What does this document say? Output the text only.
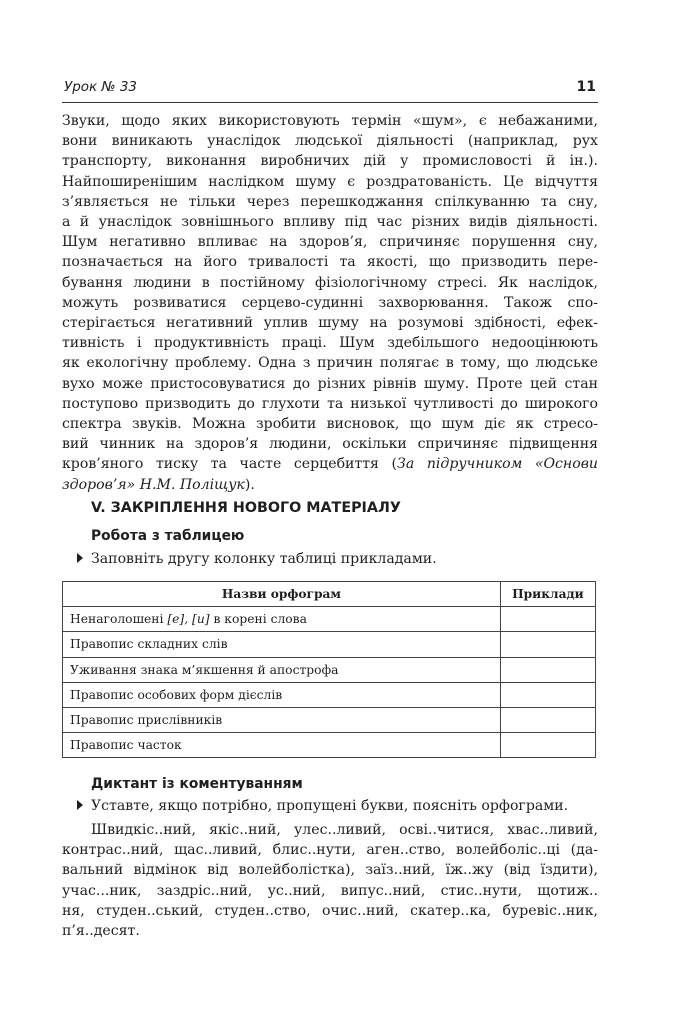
Урок № 33	11
Звуки, щодо яких використовують термін «шум», є небажаними,
вони виникають унаслідок людської діяльності (наприклад, рух
транспорту, виконання виробничих дій у промисловості й ін.).
Найпоширенішим наслідком шуму є роздратованість. Це відчуття
з’являється не тільки через перешкоджання спілкуванню та сну,
а й унаслідок зовнішнього впливу під час різних видів діяльності.
Шум негативно впливає на здоров’я, спричиняє порушення сну,
позначається на його тривалості та якості, що призводить пере-
бування людини в постійному фізіологічному стресі. Як наслідок,
можуть розвиватися серцево-судинні захворювання. Також спо-
стерігається негативний уплив шуму на розумові здібності, ефек-
тивність і продуктивність праці. Шум здебільшого недооцінюють
як екологічну проблему. Одна з причин полягає в тому, що людське
вухо може пристосовуватися до різних рівнів шуму. Проте цей стан
поступово призводить до глухоти та низької чутливості до широкого
спектра звуків. Можна зробити висновок, що шум діє як стресо-
вий чинник на здоров’я людини, оскільки спричиняє підвищення
кров’яного тиску та часте серцебиття (За підручником «Основи
здоров’я» Н.М. Поліщук).
V. ЗАКРІПЛЕННЯ НОВОГО МАТЕРІАЛУ
Робота з таблицею
Заповніть другу колонку таблиці прикладами.
Назви орфограм	Приклади
Ненаголошені [е], [и] в корені слова	
Правопис складних слів	
Уживання знака м’якшення й апострофа	
Правопис особових форм дієслів	
Правопис прислівників	
Правопис часток	
Диктант із коментуванням
Уставте, якщо потрібно, пропущені букви, поясніть орфограми.
Швидкіс..ний, якіс..ний, улес..ливий, осві..читися, хвас..ливий,
контрас..ний, щас..ливий, блис..нути, аген..ство, волейболіс..ці (да-
вальний відмінок від волейболістка), заїз..ний, їж..жу (від їздити),
учас...ник, заздріс..ний, ус..ний, випус..ний, стис..нути, щотиж..
ня, студен..ський, студен..ство, очис..ний, скатер..ка, буревіс..ник,
п’я..десят.
